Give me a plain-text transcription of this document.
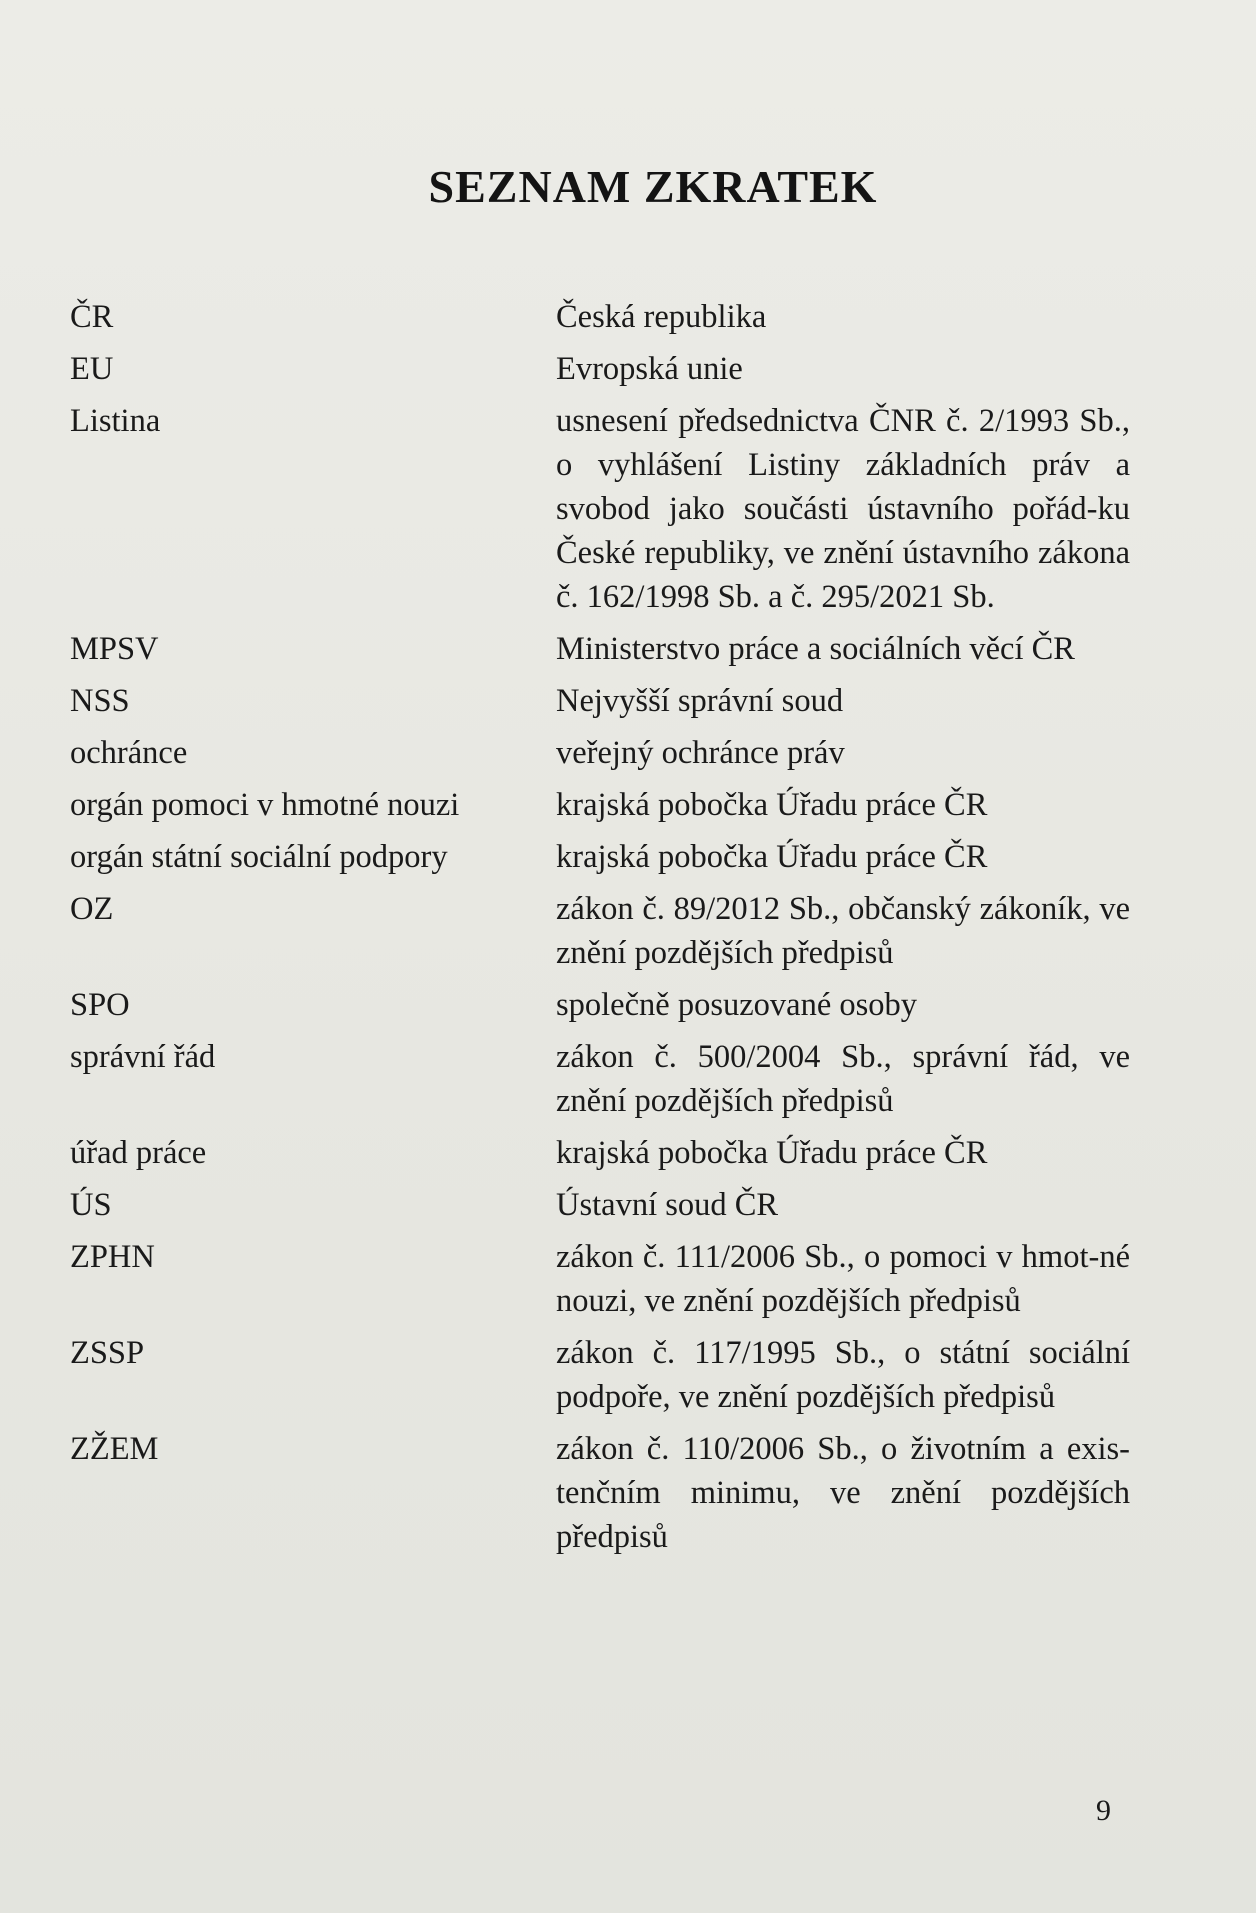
SEZNAM ZKRATEK
ČR	Česká republika
EU	Evropská unie
Listina	usnesení předsednictva ČNR č. 2/1993 Sb., o vyhlášení Listiny základních práv a svobod jako součásti ústavního pořád-ku České republiky, ve znění ústavního zákona č. 162/1998 Sb. a č. 295/2021 Sb.
MPSV	Ministerstvo práce a sociálních věcí ČR
NSS	Nejvyšší správní soud
ochránce	veřejný ochránce práv
orgán pomoci v hmotné nouzi	krajská pobočka Úřadu práce ČR
orgán státní sociální podpory	krajská pobočka Úřadu práce ČR
OZ	zákon č. 89/2012 Sb., občanský zákoník, ve znění pozdějších předpisů
SPO	společně posuzované osoby
správní řád	zákon č. 500/2004 Sb., správní řád, ve znění pozdějších předpisů
úřad práce	krajská pobočka Úřadu práce ČR
ÚS	Ústavní soud ČR
ZPHN	zákon č. 111/2006 Sb., o pomoci v hmot-né nouzi, ve znění pozdějších předpisů
ZSSP	zákon č. 117/1995 Sb., o státní sociální podpoře, ve znění pozdějších předpisů
ZŽEM	zákon č. 110/2006 Sb., o životním a exis-tenčním minimu, ve znění pozdějších předpisů
9
